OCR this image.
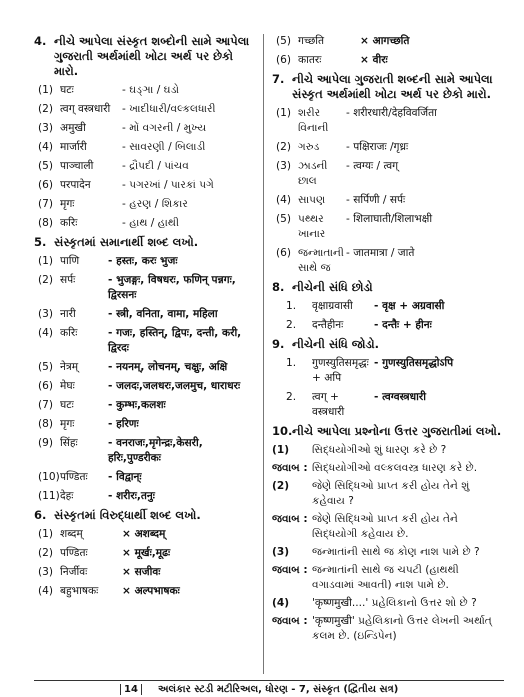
4. નીચે આપેલા સંસ્કૃત શબ્દોની સામે આપેલા ગુજરાતી અર્થમાંથી ખોટા અર્થ પર છેકો મારો.
(1) घटः	- ઘડ્ઞા / ઘડો
(2) त्वग् वस्त्रधारी	- ખાદીધારી/વલ્કલધારી
(3) अमुखी	- મોં વગરની / મુખ્ય
(4) मार्जारी	- સાવરણી / બિલાડી
(5) पाञ्चाली	- દ્રૌપદી / પાંચવ
(6) परपादेन	- પગરખાં / પારકાં પગે
(7) मृगः	- હરણ / શિકાર
(8) करिः	- હાથ / હાથી
5. સંસ્કૃતમાં સમાનાર્થી શબ્દ લખો.
(1) पाणि	- हस्तः, करः भुजः
(2) सर्पः	- भुजङ्गः, विषधरः, फणिन् पन्नगः, द्विरसनः
(3) नारी	- स्त्री, वनिता, वामा, महिला
(4) करिः	- गजः, हस्तिन्, द्विपः, दन्ती, करी, द्विरदः
(5) नेत्रम्	- नयनम्, लोचनम्, चक्षुः, अक्षि
(6) मेघः	- जलदः,जलधरः,जलमुच, धाराधरः
(7) घटः	- कुम्भः,कलशः
(8) मृगः	- हरिणः
(9) सिंहः	- वनराजः,मृगेन्द्रः,केसरी, हरिः,पुण्डरीकः
(10) पण्डितः	- विद्वान्ः
(11) देहः	- शरीरः,तनुः
6. સંસ્કૃતમાં વિરુદ્ધાર્થી શબ્દ લખો.
(1) शब्दम्	× अशब्दम्
(2) पण्डितः	× मूर्खः,मूढः
(3) निर्जीवः	× सजीवः
(4) बहुभाषकः	× अल्पभाषकः
(5) गच्छति	× आगच्छति
(6) कातरः	× वीरः
7. નીચે આપેલા ગુજરાતી શબ્દની સામે આપેલા સંસ્કૃત અર્થમાંથી ખોટા અર્થ પર છેકો મારો.
(1) શરીર વિનાની
- शरीरधारी/देहविवर्जिता
(2) ગરુડ	- पक्षिराजः /गृध्रः
(3) ઝાડની છાલ
- त्वग्यः / त्वग्
(4) સાપણ	- सर्पिणी / सर्पः
(5) પથ્થર ખાનાર
- शिलाघाती/शिलाभक्षी
(6) જન્માતાની સાથે જ
- जातमात्रा / जाते
8. નીચેની સંધિ છોડો
1.	वृक्षाग्रवासी	- वृक्ष + अग्रवासी
2.	दन्तैहीनः	- दन्तैः + हीनः
9. નીચેની સંધિ જોડો.
1.	गुणस्युतिसमृद्धः + अपि
- गुणस्युतिसमृद्धोऽपि
2.	त्वग् + वस्त्रधारी
- त्वग्वस्त्रधारी
10. નીચે આપેલા પ્રશ્નોના ઉત્તર ગુજરાતીમાં લખો.
(1)	સિદ્ધયોગીઓ શું ધારણ કરે છે ?
જવાબ : સિદ્ધયોગીઓ વલ્કલવસ્ત્ર ધારણ કરે છે.
(2)	જેણે સિદ્ધિઓ પ્રાપ્ત કરી હોય તેને શું કહેવાય ?
જવાબ : જેણે સિદ્ધિઓ પ્રાપ્ત કરી હોય તેને સિદ્ધયોગી કહેવાય છે.
(3)	જન્માતાંની સાથે જ કોણ નાશ પામે છે ?
જવાબ : જન્માતાંની સાથે જ ચપટી (હાથથી વગાડવામાં આવતી) નાશ પામે છે.
(4)	'कृष्णमुखी....' પ્રહેલિકાનો ઉત્તર શો છે ?
જવાબ : 'कृष्णमुखी' પ્રહેલિકાનો ઉત્તર લેખની અર્થાત્ કલમ છે. (ઇન્ડિપેન)
14	અલંકાર સ્ટડી મટીરિઅલ, ધોરણ - 7, સંસ્કૃત (દ્વિતીય સત્ર)
